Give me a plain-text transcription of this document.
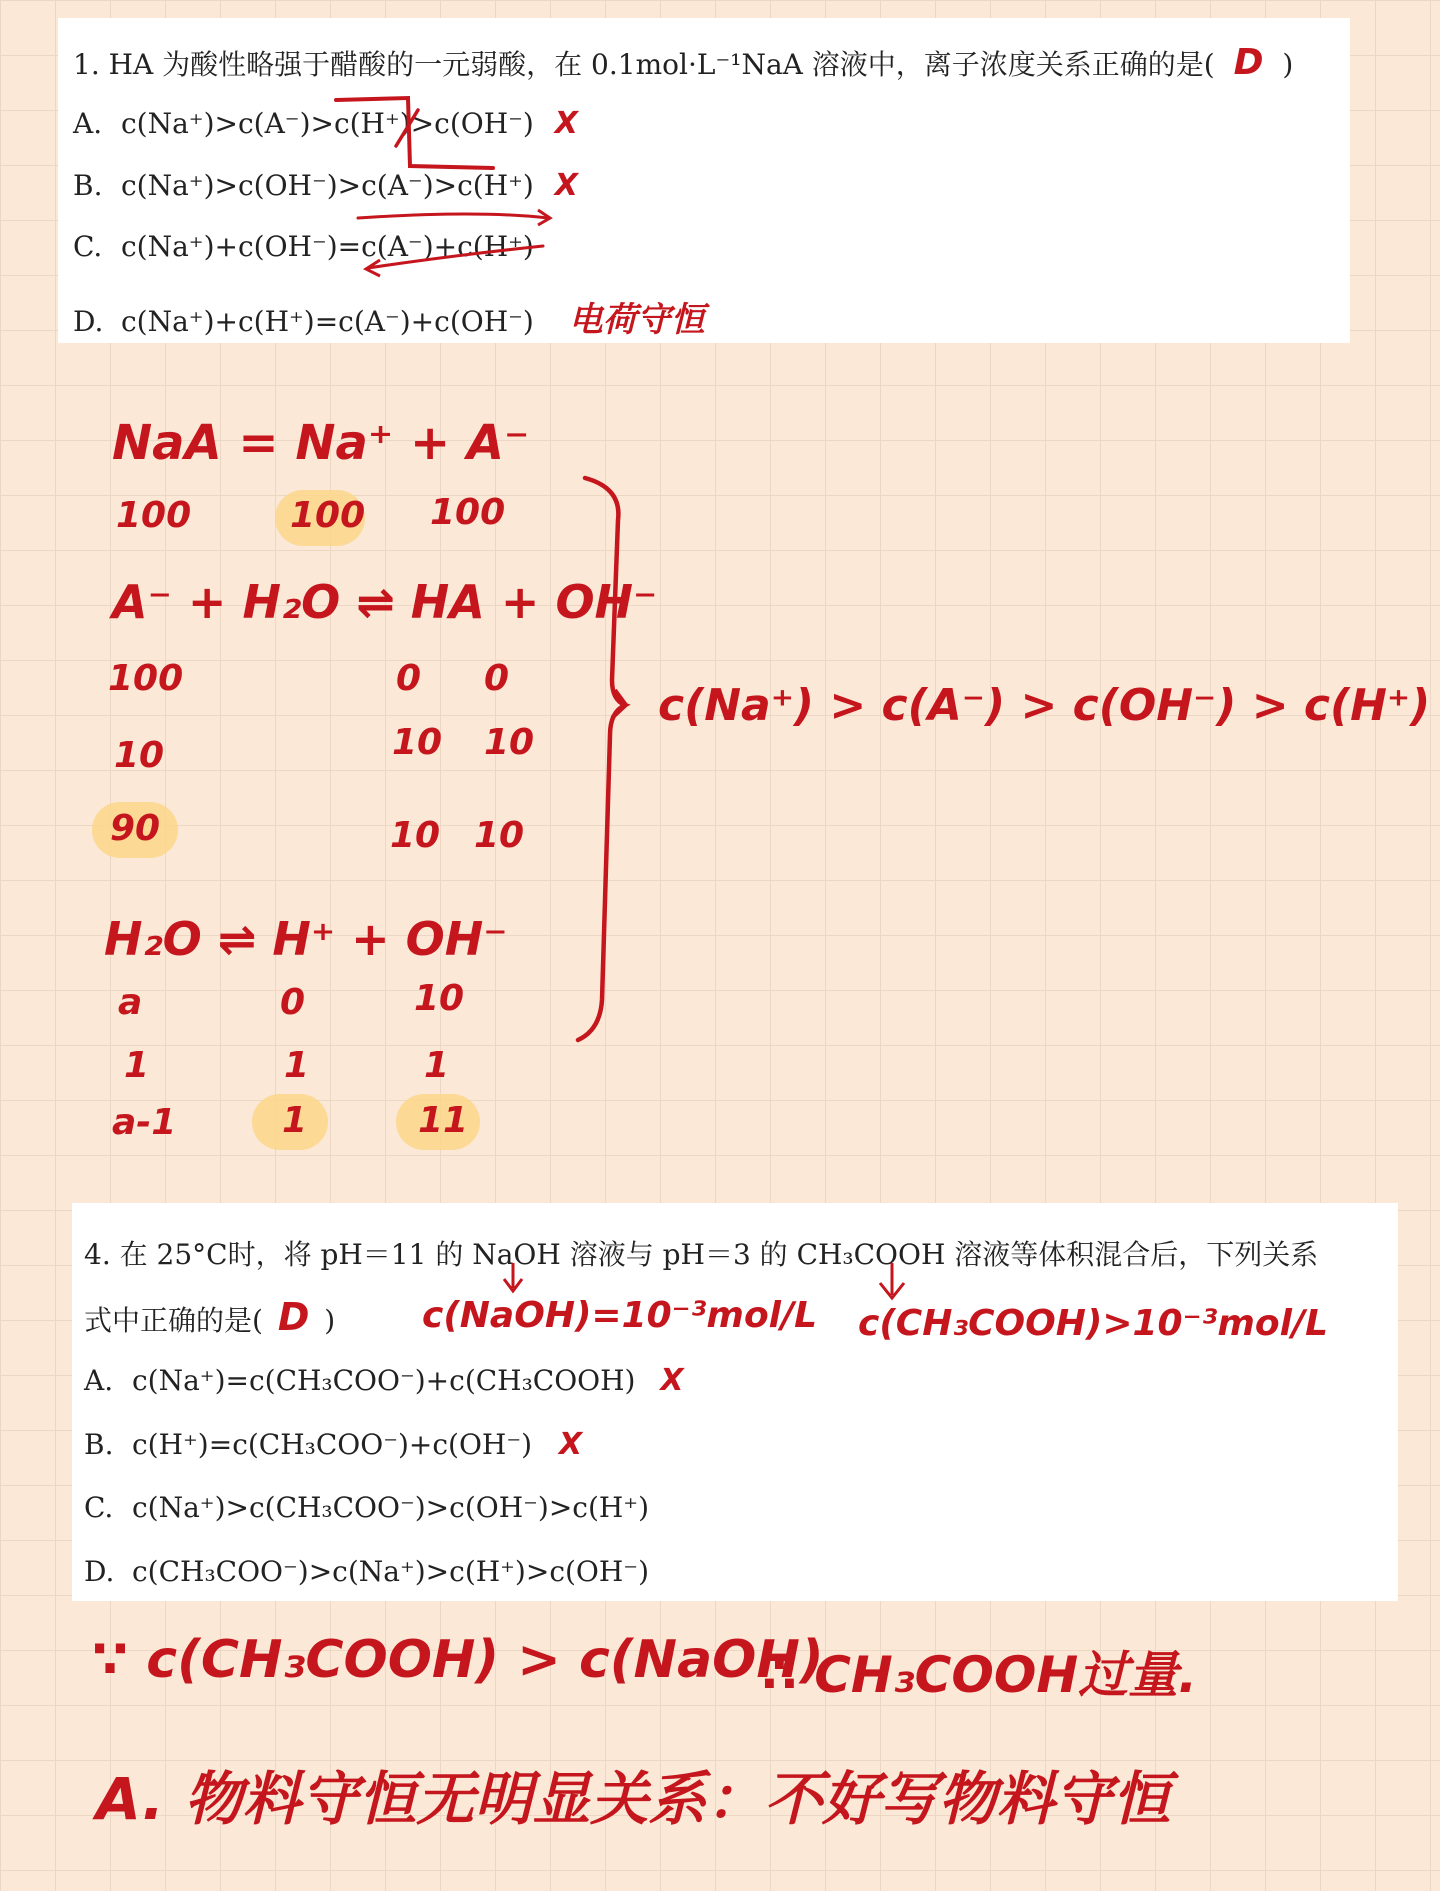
1. HA 为酸性略强于醋酸的一元弱酸，在 0.1mol·L⁻¹NaA 溶液中，离子浓度关系正确的是( D )
A. c(Na⁺)>c(A⁻)>c(H⁺)>c(OH⁻) X
B. c(Na⁺)>c(OH⁻)>c(A⁻)>c(H⁺) X
C. c(Na⁺)+c(OH⁻)=c(A⁻)+c(H⁺)
D. c(Na⁺)+c(H⁺)=c(A⁻)+c(OH⁻) 电荷守恒
NaA = Na⁺ + A⁻
100	100 100
A⁻ + H₂O ⇌ HA + OH⁻
100	0 0
10	10 10
90	10 10
H₂O ⇌ H⁺ + OH⁻
a	0	10
1	1	1
a-1	1	11
c(Na⁺) > c(A⁻) > c(OH⁻) > c(H⁺)
4. 在 25°C时，将 pH＝11 的 NaOH 溶液与 pH＝3 的 CH₃COOH 溶液等体积混合后，下列关系
式中正确的是( D ) c(NaOH)=10⁻³mol/L c(CH₃COOH)>10⁻³mol/L
A. c(Na⁺)=c(CH₃COO⁻)+c(CH₃COOH) X
B. c(H⁺)=c(CH₃COO⁻)+c(OH⁻) X
C. c(Na⁺)>c(CH₃COO⁻)>c(OH⁻)>c(H⁺)
D. c(CH₃COO⁻)>c(Na⁺)>c(H⁺)>c(OH⁻)
∵ c(CH₃COOH) > c(NaOH)
∴ CH₃COOH过量.
A. 物料守恒无明显关系：不好写物料守恒
